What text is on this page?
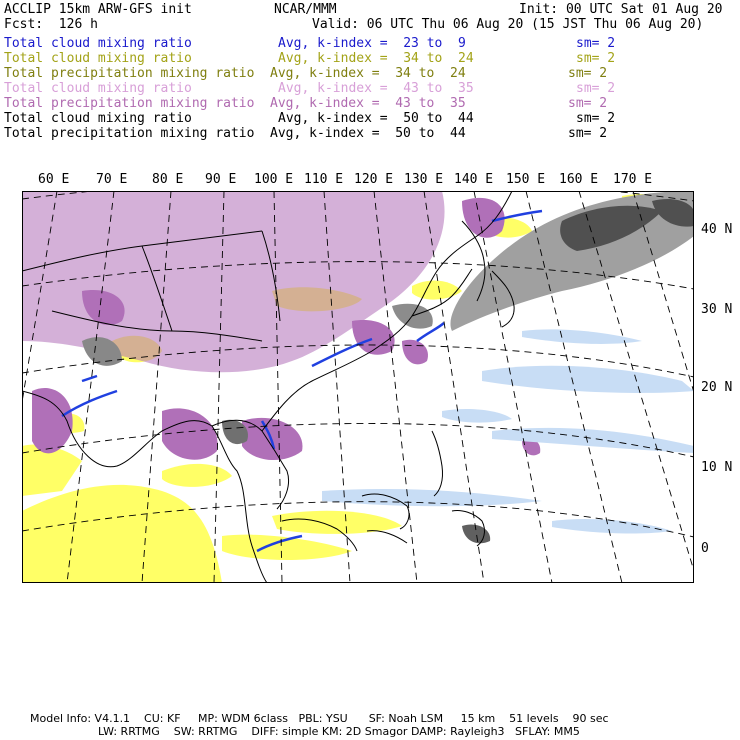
ACCLIP 15km ARW-GFS init	NCAR/MMM	Init: 00 UTC Sat 01 Aug 20
Fcst:  126 h	Valid: 06 UTC Thu 06 Aug 20 (15 JST Thu 06 Aug 20)
Total cloud mixing ratio	Avg, k-index =  23 to  9	sm= 2
Total cloud mixing ratio	Avg, k-index =  34 to  24	sm= 2
Total precipitation mixing ratio Avg, k-index =  34 to  24	sm= 2
Total cloud mixing ratio	Avg, k-index =  43 to  35	sm= 2
Total precipitation mixing ratio Avg, k-index =  43 to  35	sm= 2
Total cloud mixing ratio	Avg, k-index =  50 to  44	sm= 2
Total precipitation mixing ratio Avg, k-index =  50 to  44	sm= 2
60 E 70 E 80 E 90 E 100 E 110 E 120 E 130 E 140 E 150 E 160 E 170 E
40 N
30 N
20 N
10 N
0
Model Info: V4.1.1    CU: KF     MP: WDM 6class   PBL: YSU      SF: Noah LSM     15 km    51 levels    90 sec
LW: RRTMG    SW: RRTMG    DIFF: simple KM: 2D Smagor DAMP: Rayleigh3   SFLAY: MM5
